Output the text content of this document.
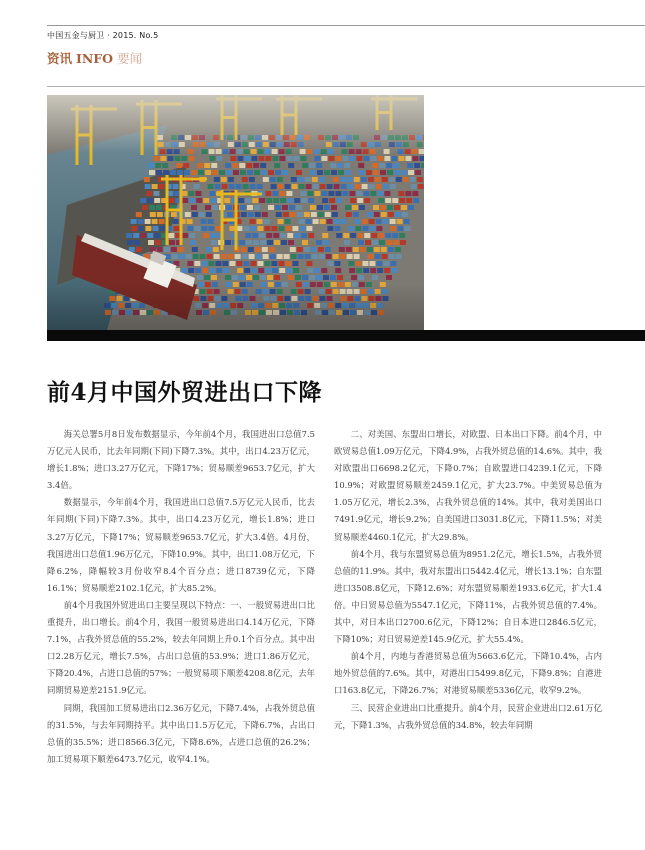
中国五金与厨卫 · 2015. No.5
资讯 INFO 要闻
前4月中国外贸进出口下降

海关总署5月8日发布数据显示，今年前4个月，我国进出口总值7.5万亿元人民币，比去年同期(下同)下降7.3%。其中，出口4.23万亿元，增长1.8%；进口3.27万亿元，下降17%；贸易顺差9653.7亿元，扩大3.4倍。

数据显示，今年前4个月，我国进出口总值7.5万亿元人民币，比去年同期(下同)下降7.3%。其中，出口4.23万亿元，增长1.8%；进口3.27万亿元，下降17%；贸易顺差9653.7亿元，扩大3.4倍。4月份，我国进出口总值1.96万亿元，下降10.9%。其中，出口1.08万亿元，下降6.2%，降幅较3月份收窄8.4个百分点；进口8739亿元，下降16.1%；贸易顺差2102.1亿元，扩大85.2%。

前4个月我国外贸进出口主要呈现以下特点：一、一般贸易进出口比重提升，出口增长。前4个月，我国一般贸易进出口4.14万亿元，下降7.1%，占我外贸总值的55.2%，较去年同期上升0.1个百分点。其中出口2.28万亿元，增长7.5%，占出口总值的53.9%；进口1.86万亿元，下降20.4%，占进口总值的57%；一般贸易项下顺差4208.8亿元，去年同期贸易逆差2151.9亿元。

同期，我国加工贸易进出口2.36万亿元，下降7.4%，占我外贸总值的31.5%，与去年同期持平。其中出口1.5万亿元，下降6.7%，占出口总值的35.5%；进口8566.3亿元，下降8.6%，占进口总值的26.2%；加工贸易项下顺差6473.7亿元，收窄4.1%。

二、对美国、东盟出口增长，对欧盟、日本出口下降。前4个月，中欧贸易总值1.09万亿元，下降4.9%，占我外贸总值的14.6%。其中，我对欧盟出口6698.2亿元，下降0.7%；自欧盟进口4239.1亿元，下降10.9%；对欧盟贸易顺差2459.1亿元，扩大23.7%。中美贸易总值为1.05万亿元，增长2.3%，占我外贸总值的14%。其中，我对美国出口7491.9亿元，增长9.2%；自美国进口3031.8亿元，下降11.5%；对美贸易顺差4460.1亿元，扩大29.8%。

前4个月，我与东盟贸易总值为8951.2亿元，增长1.5%，占我外贸总值的11.9%。其中，我对东盟出口5442.4亿元，增长13.1%；自东盟进口3508.8亿元，下降12.6%；对东盟贸易顺差1933.6亿元，扩大1.4倍。中日贸易总值为5547.1亿元，下降11%，占我外贸总值的7.4%。其中，对日本出口2700.6亿元，下降12%；自日本进口2846.5亿元，下降10%；对日贸易逆差145.9亿元，扩大55.4%。

前4个月，内地与香港贸易总值为5663.6亿元，下降10.4%，占内地外贸总值的7.6%。其中，对港出口5499.8亿元，下降9.8%；自港进口163.8亿元，下降26.7%；对港贸易顺差5336亿元，收窄9.2%。

三、民营企业进出口比重提升。前4个月，民营企业进出口2.61万亿元，下降1.3%，占我外贸总值的34.8%，较去年同期
